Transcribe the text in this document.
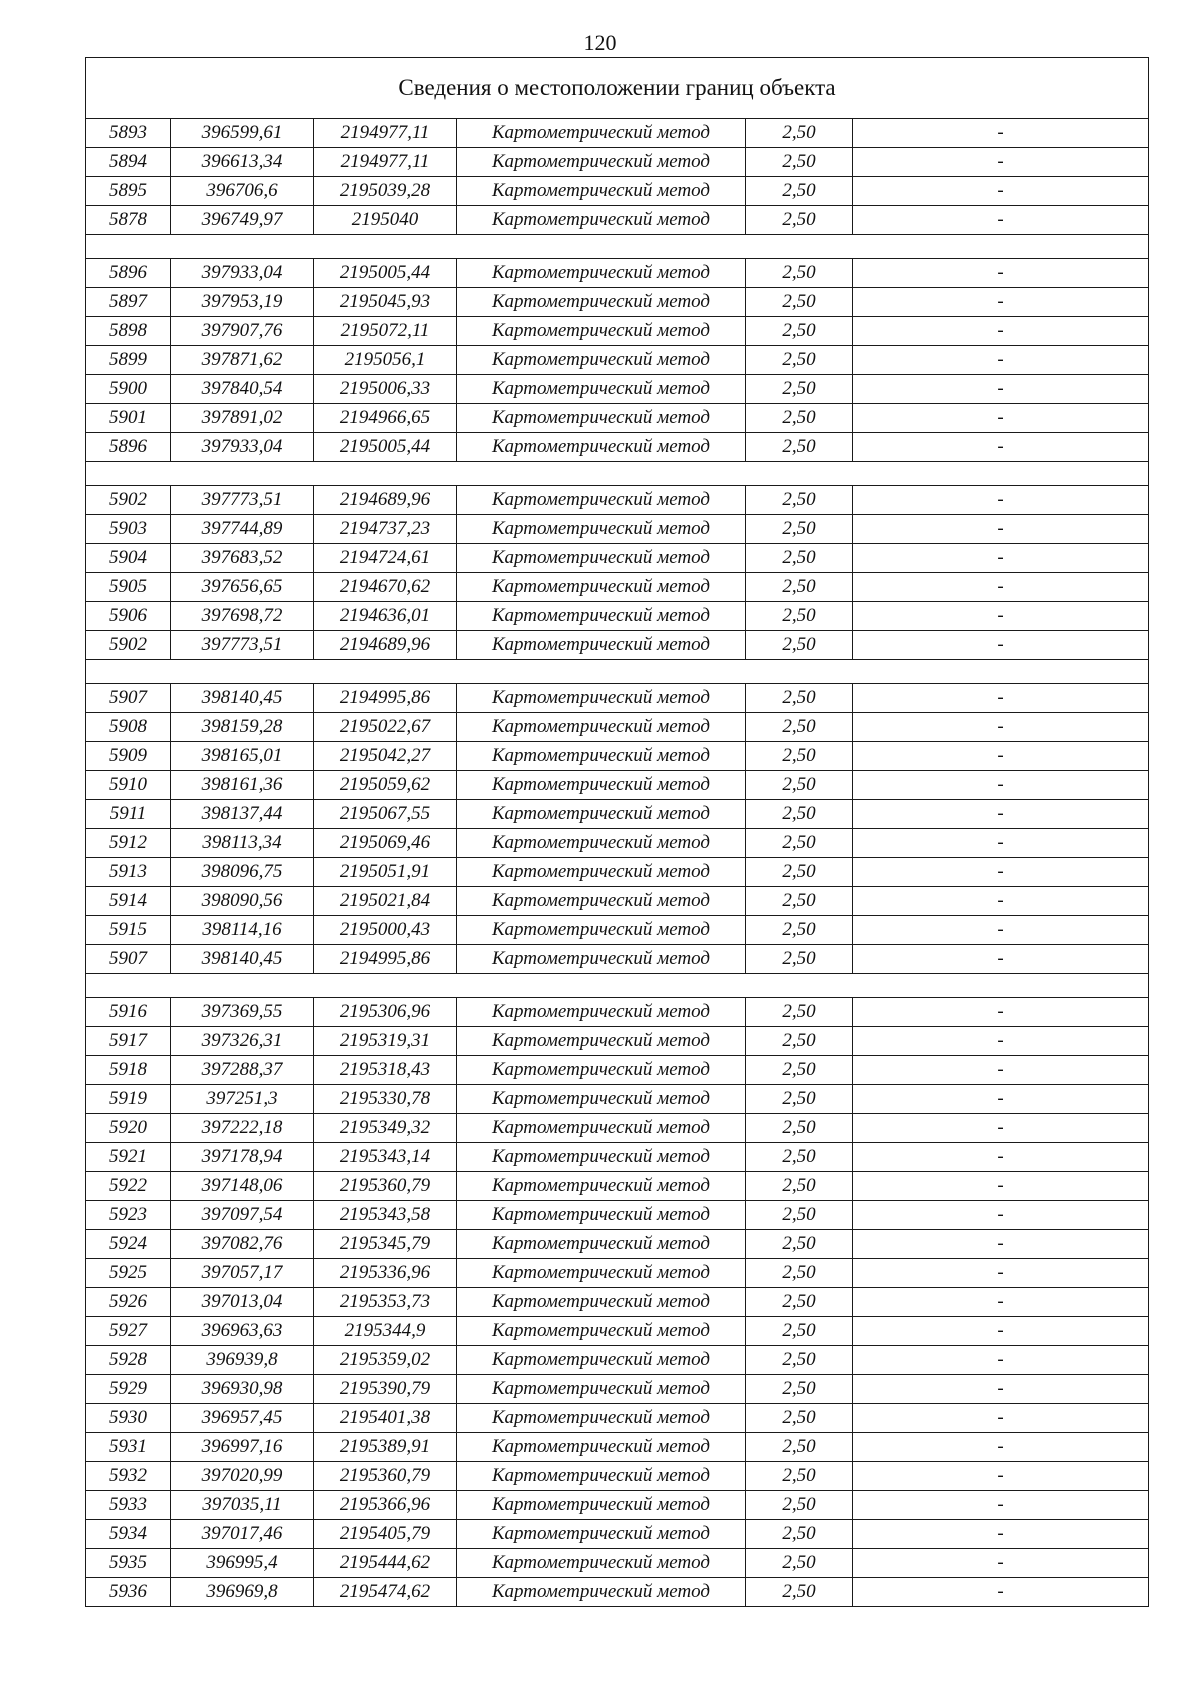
120
Сведения о местоположении границ объекта					
5893	396599,61	2194977,11	Картометрический метод	2,50	-
5894	396613,34	2194977,11	Картометрический метод	2,50	-
5895	396706,6	2195039,28	Картометрический метод	2,50	-
5878	396749,97	2195040	Картометрический метод	2,50	-

5896	397933,04	2195005,44	Картометрический метод	2,50	-
5897	397953,19	2195045,93	Картометрический метод	2,50	-
5898	397907,76	2195072,11	Картометрический метод	2,50	-
5899	397871,62	2195056,1	Картометрический метод	2,50	-
5900	397840,54	2195006,33	Картометрический метод	2,50	-
5901	397891,02	2194966,65	Картометрический метод	2,50	-
5896	397933,04	2195005,44	Картометрический метод	2,50	-

5902	397773,51	2194689,96	Картометрический метод	2,50	-
5903	397744,89	2194737,23	Картометрический метод	2,50	-
5904	397683,52	2194724,61	Картометрический метод	2,50	-
5905	397656,65	2194670,62	Картометрический метод	2,50	-
5906	397698,72	2194636,01	Картометрический метод	2,50	-
5902	397773,51	2194689,96	Картометрический метод	2,50	-

5907	398140,45	2194995,86	Картометрический метод	2,50	-
5908	398159,28	2195022,67	Картометрический метод	2,50	-
5909	398165,01	2195042,27	Картометрический метод	2,50	-
5910	398161,36	2195059,62	Картометрический метод	2,50	-
5911	398137,44	2195067,55	Картометрический метод	2,50	-
5912	398113,34	2195069,46	Картометрический метод	2,50	-
5913	398096,75	2195051,91	Картометрический метод	2,50	-
5914	398090,56	2195021,84	Картометрический метод	2,50	-
5915	398114,16	2195000,43	Картометрический метод	2,50	-
5907	398140,45	2194995,86	Картометрический метод	2,50	-

5916	397369,55	2195306,96	Картометрический метод	2,50	-
5917	397326,31	2195319,31	Картометрический метод	2,50	-
5918	397288,37	2195318,43	Картометрический метод	2,50	-
5919	397251,3	2195330,78	Картометрический метод	2,50	-
5920	397222,18	2195349,32	Картометрический метод	2,50	-
5921	397178,94	2195343,14	Картометрический метод	2,50	-
5922	397148,06	2195360,79	Картометрический метод	2,50	-
5923	397097,54	2195343,58	Картометрический метод	2,50	-
5924	397082,76	2195345,79	Картометрический метод	2,50	-
5925	397057,17	2195336,96	Картометрический метод	2,50	-
5926	397013,04	2195353,73	Картометрический метод	2,50	-
5927	396963,63	2195344,9	Картометрический метод	2,50	-
5928	396939,8	2195359,02	Картометрический метод	2,50	-
5929	396930,98	2195390,79	Картометрический метод	2,50	-
5930	396957,45	2195401,38	Картометрический метод	2,50	-
5931	396997,16	2195389,91	Картометрический метод	2,50	-
5932	397020,99	2195360,79	Картометрический метод	2,50	-
5933	397035,11	2195366,96	Картометрический метод	2,50	-
5934	397017,46	2195405,79	Картометрический метод	2,50	-
5935	396995,4	2195444,62	Картометрический метод	2,50	-
5936	396969,8	2195474,62	Картометрический метод	2,50	-
